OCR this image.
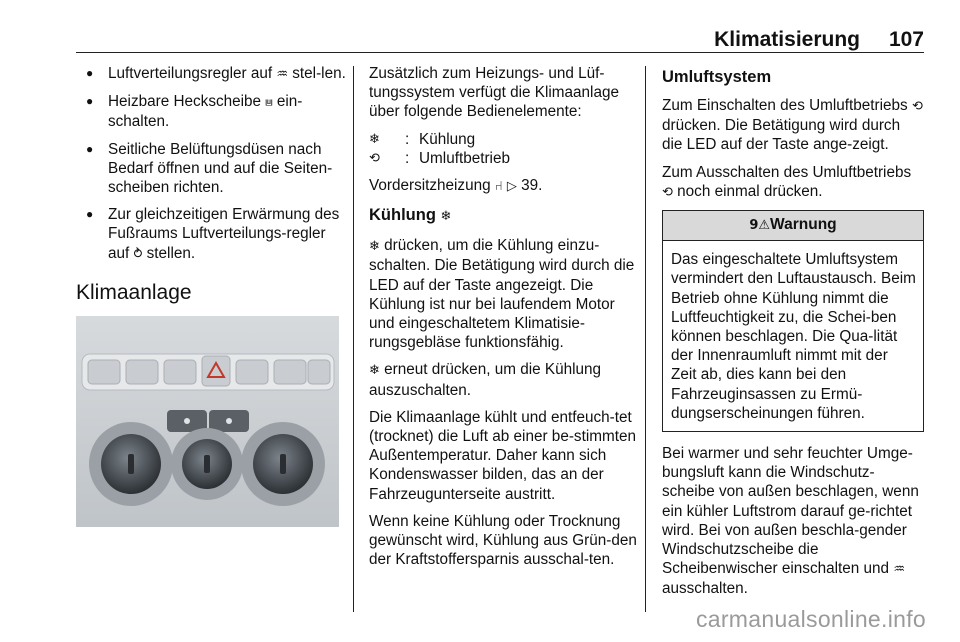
Klimatisierung 107
● Luftverteilungsregler auf ♒ stel-len.
● Heizbare Heckscheibe ⩏ ein-schalten.
● Seitliche Belüftungsdüsen nach Bedarf öffnen und auf die Seiten-scheiben richten.
● Zur gleichzeitigen Erwärmung des Fußraums Luftverteilungs-regler auf ⥁ stellen.
Klimaanlage

Zusätzlich zum Heizungs- und Lüf-tungssystem verfügt die Klimaanlage über folgende Bedienelemente:

❄	: Kühlung
⟲	: Umluftbetrieb

Vordersitzheizung ⑁ ▷ 39.

Kühlung ❄

❄ drücken, um die Kühlung einzu-schalten. Die Betätigung wird durch die LED auf der Taste angezeigt. Die Kühlung ist nur bei laufendem Motor und eingeschaltetem Klimatisie-rungsgebläse funktionsfähig.

❄ erneut drücken, um die Kühlung auszuschalten.

Die Klimaanlage kühlt und entfeuch-tet (trocknet) die Luft ab einer be-stimmten Außentemperatur. Daher kann sich Kondenswasser bilden, das an der Fahrzeugunterseite austritt.

Wenn keine Kühlung oder Trocknung gewünscht wird, Kühlung aus Grün-den der Kraftstoffersparnis ausschal-ten.

Umluftsystem

Zum Einschalten des Umluftbetriebs ⟲ drücken. Die Betätigung wird durch die LED auf der Taste ange-zeigt.

Zum Ausschalten des Umluftbetriebs ⟲ noch einmal drücken.

9⚠Warnung
Das eingeschaltete Umluftsystem vermindert den Luftaustausch. Beim Betrieb ohne Kühlung nimmt die Luftfeuchtigkeit zu, die Schei-ben können beschlagen. Die Qua-lität der Innenraumluft nimmt mit der Zeit ab, dies kann bei den Fahrzeuginsassen zu Ermü-dungserscheinungen führen.

Bei warmer und sehr feuchter Umge-bungsluft kann die Windschutz-scheibe von außen beschlagen, wenn ein kühler Luftstrom darauf ge-richtet wird. Bei von außen beschla-gender Windschutzscheibe die Scheibenwischer einschalten und ♒ ausschalten.

carmanualsonline.info
